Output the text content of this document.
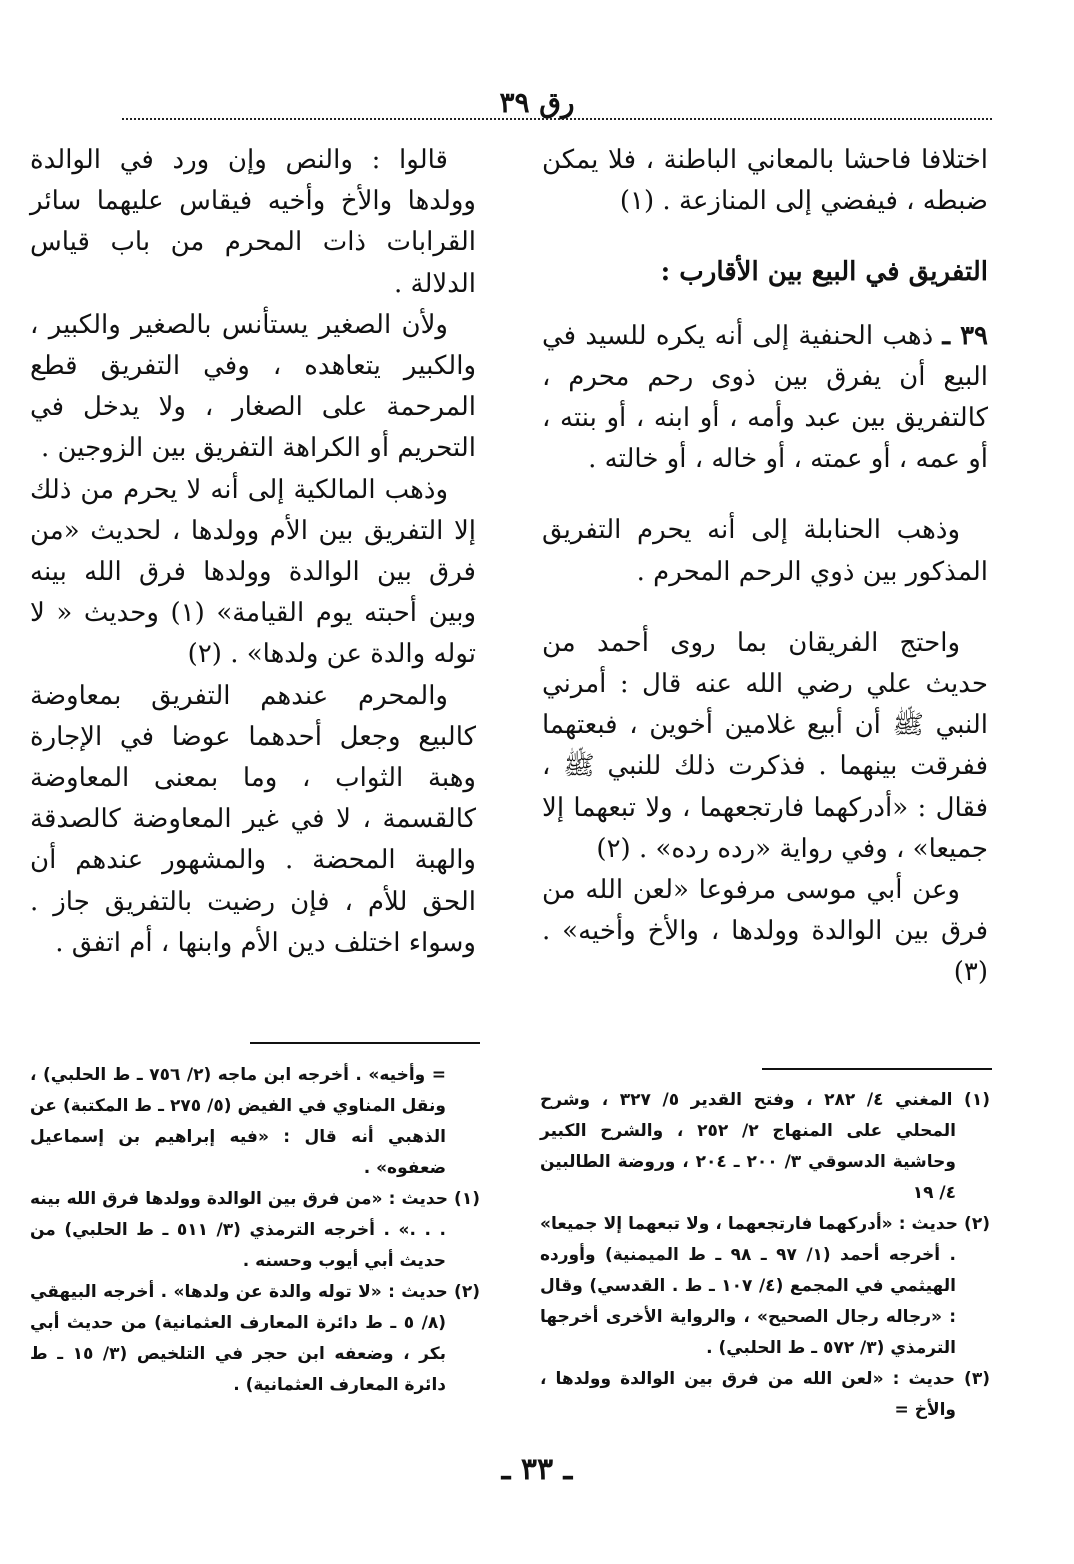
رق ٣٩

اختلافا فاحشا بالمعاني الباطنة ، فلا يمكن ضبطه ، فيفضي إلى المنازعة . (١)

التفريق في البيع بين الأقارب :

٣٩ ـ ذهب الحنفية إلى أنه يكره للسيد في البيع أن يفرق بين ذوى رحم محرم ، كالتفريق بين عبد وأمه ، أو ابنه ، أو بنته ، أو عمه ، أو عمته ، أو خاله ، أو خالته .

وذهب الحنابلة إلى أنه يحرم التفريق المذكور بين ذوي الرحم المحرم .

واحتج الفريقان بما روى أحمد من حديث علي رضي الله عنه قال : أمرني النبي ﷺ أن أبيع غلامين أخوين ، فبعتهما ففرقت بينهما . فذكرت ذلك للنبي ﷺ ، فقال : «أدركهما فارتجعهما ، ولا تبعهما إلا جميعا» ، وفي رواية «رده رده» . (٢)

وعن أبي موسى مرفوعا «لعن الله من فرق بين الوالدة وولدها ، والأخ وأخيه» . (٣)

قالوا : والنص وإن ورد في الوالدة وولدها والأخ وأخيه فيقاس عليهما سائر القرابات ذات المحرم من باب قياس الدلالة .

ولأن الصغير يستأنس بالصغير والكبير ، والكبير يتعاهده ، وفي التفريق قطع المرحمة على الصغار ، ولا يدخل في التحريم أو الكراهة التفريق بين الزوجين .

وذهب المالكية إلى أنه لا يحرم من ذلك إلا التفريق بين الأم وولدها ، لحديث «من فرق بين الوالدة وولدها فرق الله بينه وبين أحبته يوم القيامة» (١) وحديث « لا توله والدة عن ولدها» . (٢)

والمحرم عندهم التفريق بمعاوضة كالبيع وجعل أحدهما عوضا في الإجارة وهبة الثواب ، وما بمعنى المعاوضة كالقسمة ، لا في غير المعاوضة كالصدقة والهبة المحضة . والمشهور عندهم أن الحق للأم ، فإن رضيت بالتفريق جاز . وسواء اختلف دين الأم وابنها ، أم اتفق .

(١) المغني ٤/ ٢٨٢ ، وفتح القدير ٥/ ٣٢٧ ، وشرح المحلي على المنهاج ٢/ ٢٥٢ ، والشرح الكبير وحاشية الدسوقي ٣/ ٢٠٠ ـ ٢٠٤ ، وروضة الطالبين ٤/ ١٩

(٢) حديث : «أدركهما فارتجعهما ، ولا تبعهما إلا جميعا» . أخرجه أحمد (١/ ٩٧ ـ ٩٨ ـ ط الميمنية) وأورده الهيثمي في المجمع (٤/ ١٠٧ ـ ط . القدسي) وقال : «رجاله رجال الصحيح» ، والرواية الأخرى أخرجها الترمذي (٣/ ٥٧٢ ـ ط الحلبي) .

(٣) حديث : «لعن الله من فرق بين الوالدة وولدها ، والأخ =

= وأخيه» . أخرجه ابن ماجه (٢/ ٧٥٦ ـ ط الحلبي) ، ونقل المناوي في الفيض (٥/ ٢٧٥ ـ ط المكتبة) عن الذهبي أنه قال : «فيه إبراهيم بن إسماعيل ضعفوه» .

(١) حديث : «من فرق بين الوالدة وولدها فرق الله بينه . . .» . أخرجه الترمذي (٣/ ٥١١ ـ ط الحلبي) من حديث أبي أيوب وحسنه .

(٢) حديث : «لا توله والدة عن ولدها» . أخرجه البيهقي (٨/ ٥ ـ ط دائرة المعارف العثمانية) من حديث أبي بكر ، وضعفه ابن حجر في التلخيص (٣/ ١٥ ـ ط دائرة المعارف العثمانية) .

ـ ٣٣ ـ
